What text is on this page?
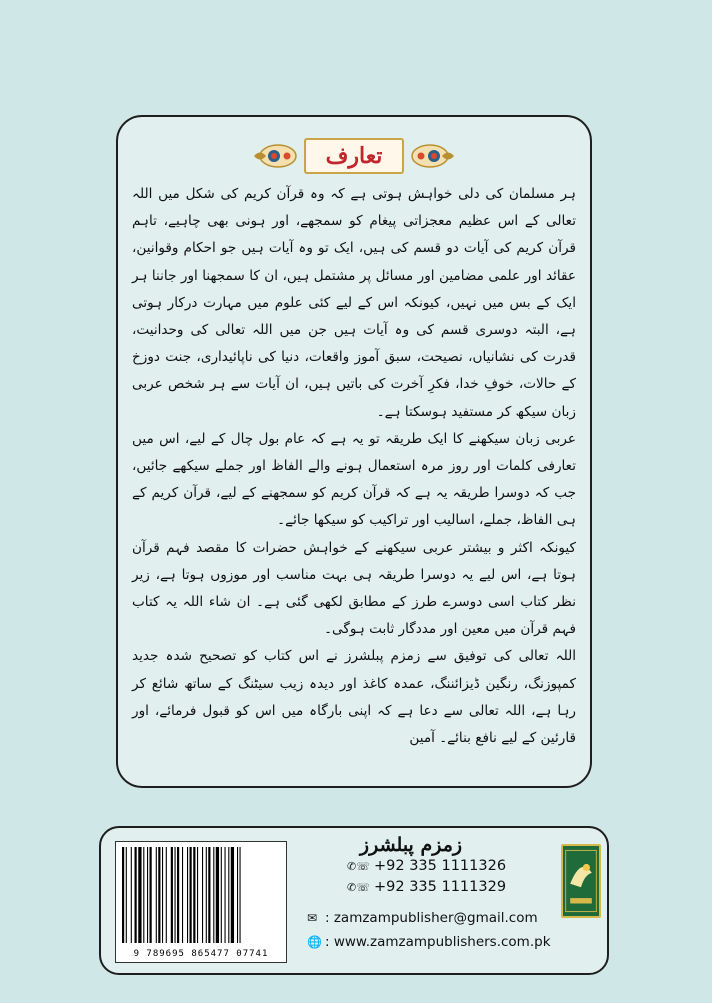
تعارف

ہر مسلمان کی دلی خواہش ہوتی ہے کہ وہ قرآن کریم کی شکل میں اللہ تعالی کے اس عظیم معجزاتی پیغام کو سمجھے، اور ہونی بھی چاہیے، تاہم قرآن کریم کی آیات دو قسم کی ہیں، ایک تو وہ آیات ہیں جو احکام وقوانین، عقائد اور علمی مضامین اور مسائل پر مشتمل ہیں، ان کا سمجھنا اور جاننا ہر ایک کے بس میں نہیں، کیونکہ اس کے لیے کئی علوم میں مہارت درکار ہوتی ہے، البتہ دوسری قسم کی وہ آیات ہیں جن میں اللہ تعالی کی وحدانیت، قدرت کی نشانیاں، نصیحت، سبق آموز واقعات، دنیا کی ناپائیداری، جنت دوزخ کے حالات، خوفِ خدا، فکرِ آخرت کی باتیں ہیں، ان آیات سے ہر شخص عربی زبان سیکھ کر مستفید ہوسکتا ہے۔

عربی زبان سیکھنے کا ایک طریقہ تو یہ ہے کہ عام بول چال کے لیے، اس میں تعارفی کلمات اور روز مرہ استعمال ہونے والے الفاظ اور جملے سیکھے جائیں، جب کہ دوسرا طریقہ یہ ہے کہ قرآن کریم کو سمجھنے کے لیے، قرآن کریم کے ہی الفاظ، جملے، اسالیب اور تراکیب کو سیکھا جائے۔

کیونکہ اکثر و بیشتر عربی سیکھنے کے خواہش حضرات کا مقصد فہم قرآن ہوتا ہے، اس لیے یہ دوسرا طریقہ ہی بہت مناسب اور موزوں ہوتا ہے، زیر نظر کتاب اسی دوسرے طرز کے مطابق لکھی گئی ہے۔ ان شاء اللہ یہ کتاب فہم قرآن میں معین اور مددگار ثابت ہوگی۔

اللہ تعالی کی توفیق سے زمزم پبلشرز نے اس کتاب کو تصحیح شدہ جدید کمپوزنگ، رنگین ڈیزائننگ، عمدہ کاغذ اور دیدہ زیب سیٹنگ کے ساتھ شائع کر رہا ہے، اللہ تعالی سے دعا ہے کہ اپنی بارگاہ میں اس کو قبول فرمائے، اور قارئین کے لیے نافع بنائے۔ آمین

9 789695 865477 07741
زمزم پبلشرز
✆☏ +92 335 1111326
✆☏ +92 335 1111329
✉ : zamzampublisher@gmail.com
🌐 : www.zamzampublishers.com.pk
